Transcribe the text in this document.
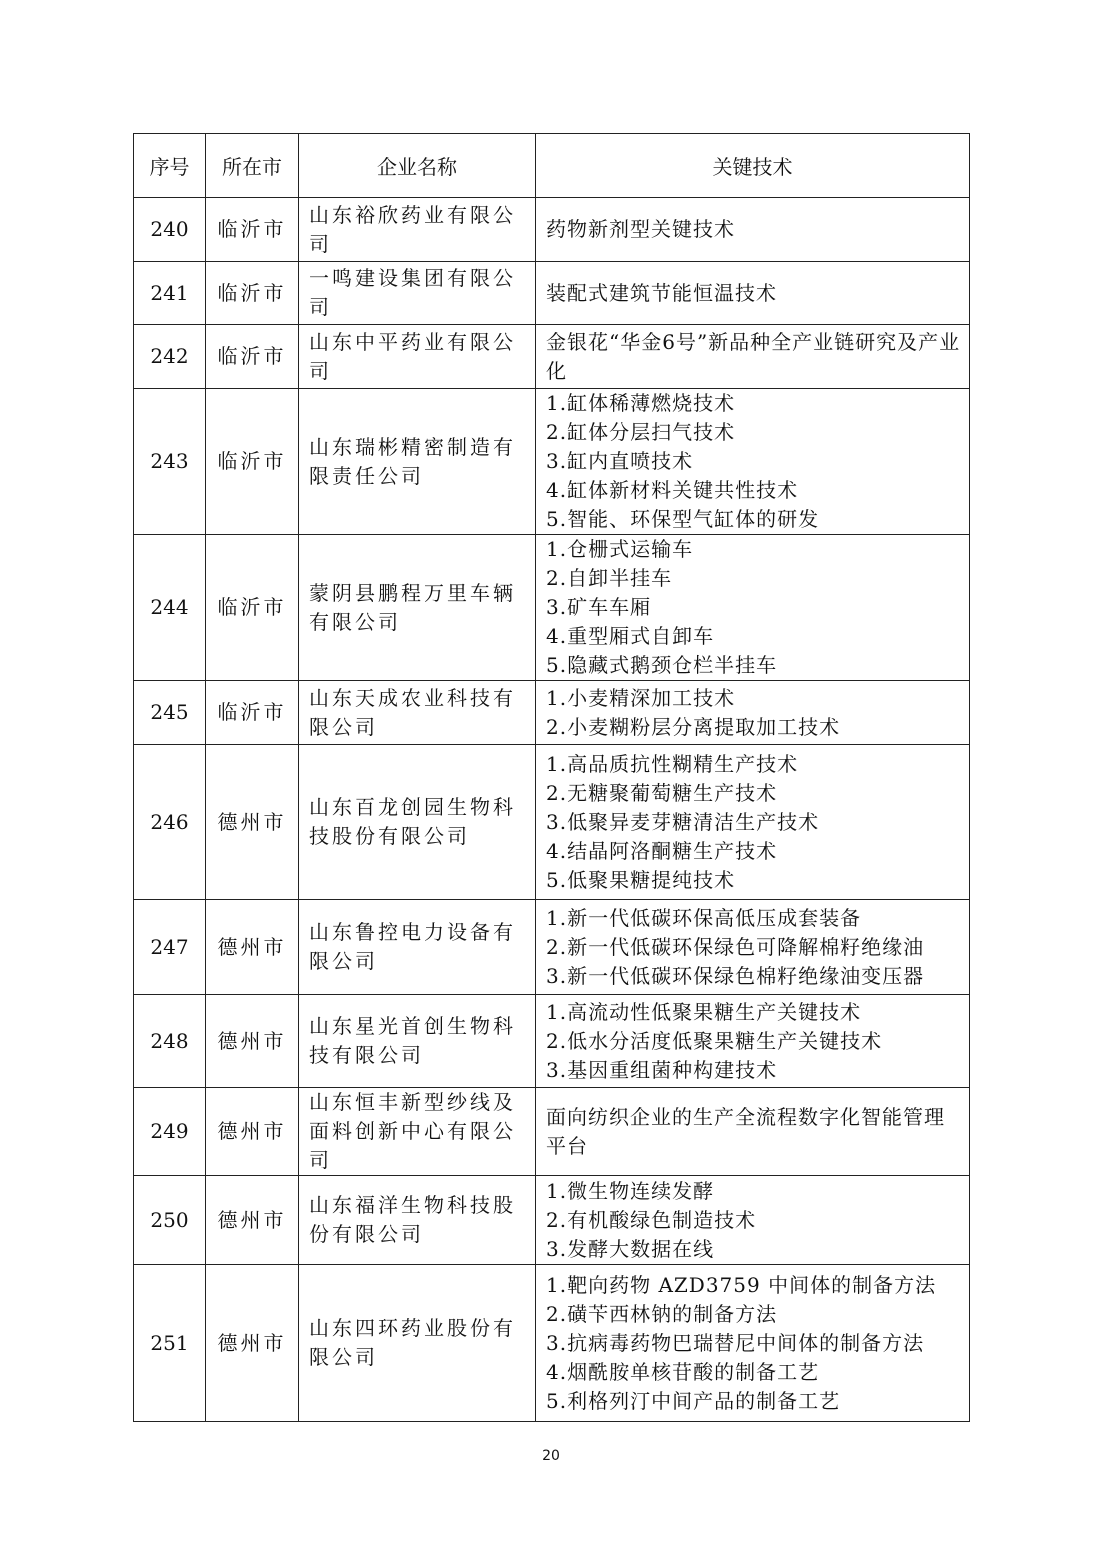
序号	所在市	企业名称	关键技术
240	临沂市	山东裕欣药业有限公司	药物新剂型关键技术

241	临沂市	一鸣建设集团有限公司	装配式建筑节能恒温技术

242	临沂市	山东中平药业有限公司	金银花“华金6号”新品种全产业链研究及产业化

243	临沂市	山东瑞彬精密制造有限责任公司	1.缸体稀薄燃烧技术
2.缸体分层扫气技术
3.缸内直喷技术
4.缸体新材料关键共性技术
5.智能、环保型气缸体的研发

244	临沂市	蒙阴县鹏程万里车辆有限公司	1.仓栅式运输车
2.自卸半挂车
3.矿车车厢
4.重型厢式自卸车
5.隐藏式鹅颈仓栏半挂车

245	临沂市	山东天成农业科技有限公司	1.小麦精深加工技术
2.小麦糊粉层分离提取加工技术

246	德州市	山东百龙创园生物科技股份有限公司	1.高品质抗性糊精生产技术
2.无糖聚葡萄糖生产技术
3.低聚异麦芽糖清洁生产技术
4.结晶阿洛酮糖生产技术
5.低聚果糖提纯技术

247	德州市	山东鲁控电力设备有限公司	1.新一代低碳环保高低压成套装备
2.新一代低碳环保绿色可降解棉籽绝缘油
3.新一代低碳环保绿色棉籽绝缘油变压器

248	德州市	山东星光首创生物科技有限公司	1.高流动性低聚果糖生产关键技术
2.低水分活度低聚果糖生产关键技术
3.基因重组菌种构建技术

249	德州市	山东恒丰新型纱线及面料创新中心有限公司	面向纺织企业的生产全流程数字化智能管理平台

250	德州市	山东福洋生物科技股份有限公司	1.微生物连续发酵
2.有机酸绿色制造技术
3.发酵大数据在线

251	德州市	山东四环药业股份有限公司	1.靶向药物 AZD3759 中间体的制备方法
2.磺苄西林钠的制备方法
3.抗病毒药物巴瑞替尼中间体的制备方法
4.烟酰胺单核苷酸的制备工艺
5.利格列汀中间产品的制备工艺
20
